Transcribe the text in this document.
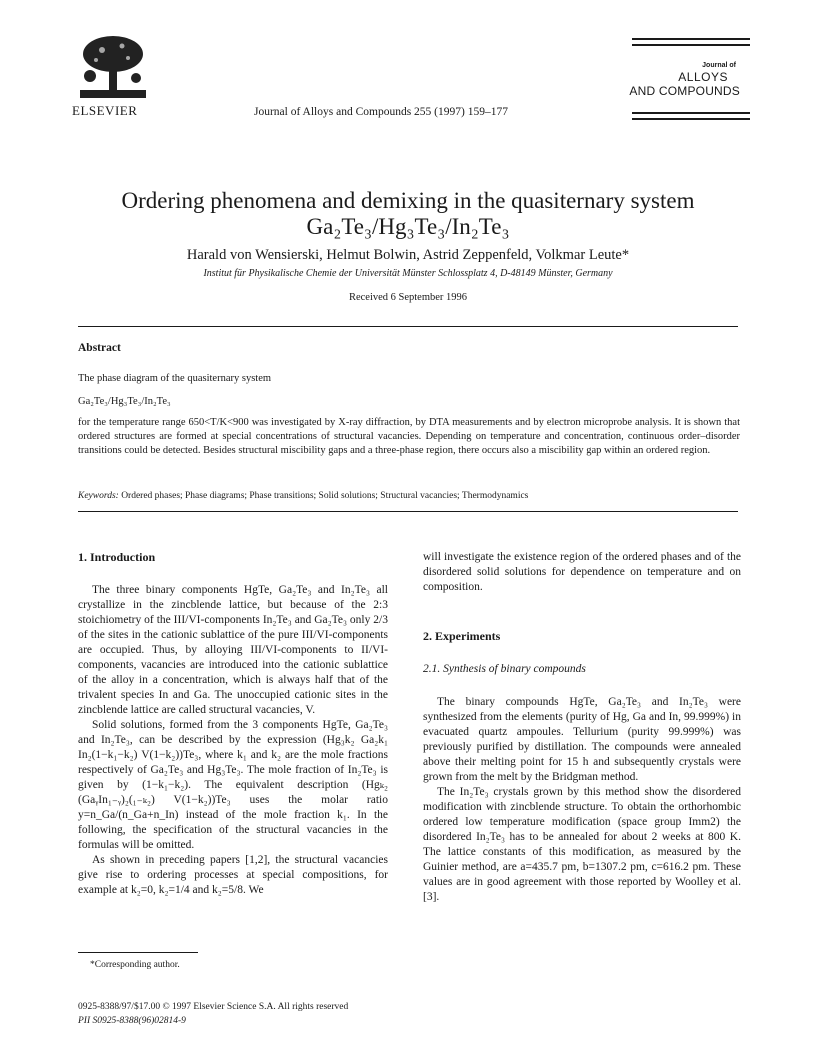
ELSEVIER	Journal of Alloys and Compounds 255 (1997) 159–177
Journal of
ALLOYS
AND COMPOUNDS
Ordering phenomena and demixing in the quasiternary system
Ga₂Te₃/Hg₃Te₃/In₂Te₃
Harald von Wensierski, Helmut Bolwin, Astrid Zeppenfeld, Volkmar Leute*
Institut für Physikalische Chemie der Universität Münster Schlossplatz 4, D-48149 Münster, Germany
Received 6 September 1996
Abstract
The phase diagram of the quasiternary system
Ga₂Te₃/Hg₃Te₃/In₂Te₃
for the temperature range 650<T/K<900 was investigated by X-ray diffraction, by DTA measurements and by electron microprobe analysis. It is shown that ordered structures are formed at special concentrations of structural vacancies. Depending on temperature and concentration, continuous order–disorder transitions could be detected. Besides structural miscibility gaps and a three-phase region, there occurs also a miscibility gap within an ordered region.
Keywords: Ordered phases; Phase diagrams; Phase transitions; Solid solutions; Structural vacancies; Thermodynamics

1. Introduction

The three binary components HgTe, Ga₂Te₃ and In₂Te₃ all crystallize in the zincblende lattice, but because of the 2:3 stoichiometry of the III/VI-components In₂Te₃ and Ga₂Te₃ only 2/3 of the sites in the cationic sublattice of the pure III/VI-components are occupied. Thus, by alloying III/VI-components to II/VI-components, vacancies are introduced into the cationic sublattice of the alloy in a concentration, which is always half that of the trivalent species In and Ga. The unoccupied cationic sites in the zincblende lattice are called structural vacancies, V.

Solid solutions, formed from the 3 components HgTe, Ga₂Te₃ and In₂Te₃, can be described by the expression (Hg₃k₂ Ga₂k₁ In₂(1−k₁−k₂) V(1−k₂))Te₃, where k₁ and k₂ are the mole fractions respectively of Ga₂Te₃ and Hg₃Te₃. The mole fraction of In₂Te₃ is given by (1−k₁−k₂). The equivalent description (Hgₖ₂ (GaᵧIn₁₋ᵧ)₂(₁₋ₖ₂) V(1−k₂))Te₃ uses the molar ratio y=n_Ga/(n_Ga+n_In) instead of the mole fraction k₁. In the following, the specification of the structural vacancies in the formulas will be omitted.

As shown in preceding papers [1,2], the structural vacancies give rise to ordering processes at special compositions, for example at k₂=0, k₂=1/4 and k₂=5/8. We

*Corresponding author.
0925-8388/97/$17.00 © 1997 Elsevier Science S.A. All rights reserved
PII S0925-8388(96)02814-9

will investigate the existence region of the ordered phases and of the disordered solid solutions for dependence on temperature and on composition.

2. Experiments

2.1. Synthesis of binary compounds

The binary compounds HgTe, Ga₂Te₃ and In₂Te₃ were synthesized from the elements (purity of Hg, Ga and In, 99.999%) in evacuated quartz ampoules. Tellurium (purity 99.999%) was previously purified by distillation. The compounds were annealed above their melting point for 15 h and subsequently crystals were grown from the melt by the Bridgman method.

The In₂Te₃ crystals grown by this method show the disordered modification with zincblende structure. To obtain the orthorhombic ordered low temperature modification (space group Imm2) the disordered In₂Te₃ has to be annealed for about 2 weeks at 800 K. The lattice constants of this modification, as measured by the Guinier method, are a=435.7 pm, b=1307.2 pm, c=616.2 pm. These values are in good agreement with those reported by Woolley et al. [3].
